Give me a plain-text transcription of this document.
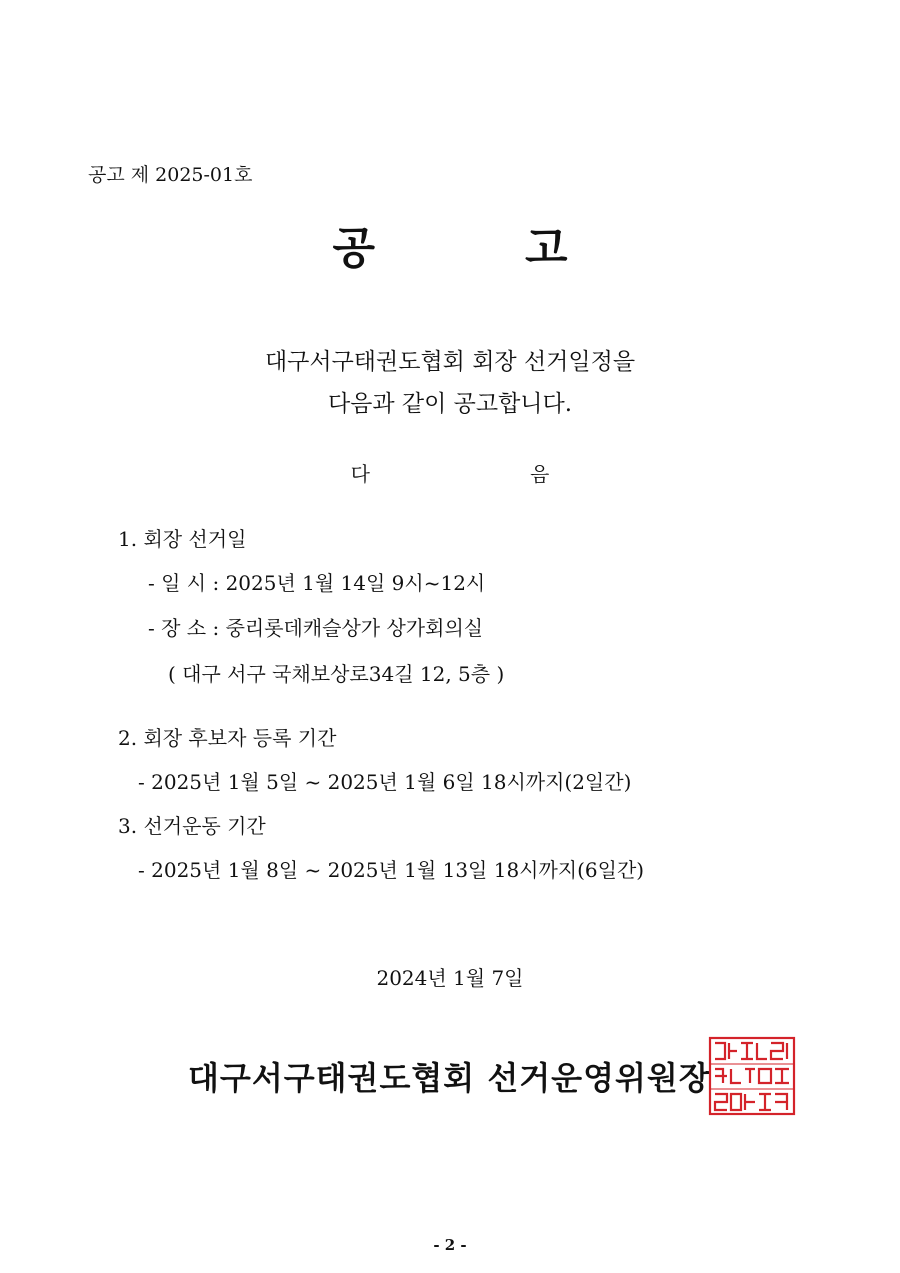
공고 제 2025-01호
공	고
대구서구태권도협회 회장 선거일정을
다음과 같이 공고합니다.
다	음
1. 회장 선거일
- 일 시 : 2025년 1월 14일 9시~12시
- 장 소 : 중리롯데캐슬상가 상가회의실
( 대구 서구 국채보상로34길 12, 5층 )
2. 회장 후보자 등록 기간
- 2025년 1월 5일 ~ 2025년 1월 6일 18시까지(2일간)
3. 선거운동 기간
- 2025년 1월 8일 ~ 2025년 1월 13일 18시까지(6일간)
2024년 1월 7일
대구서구태권도협회 선거운영위원장
- 2 -
